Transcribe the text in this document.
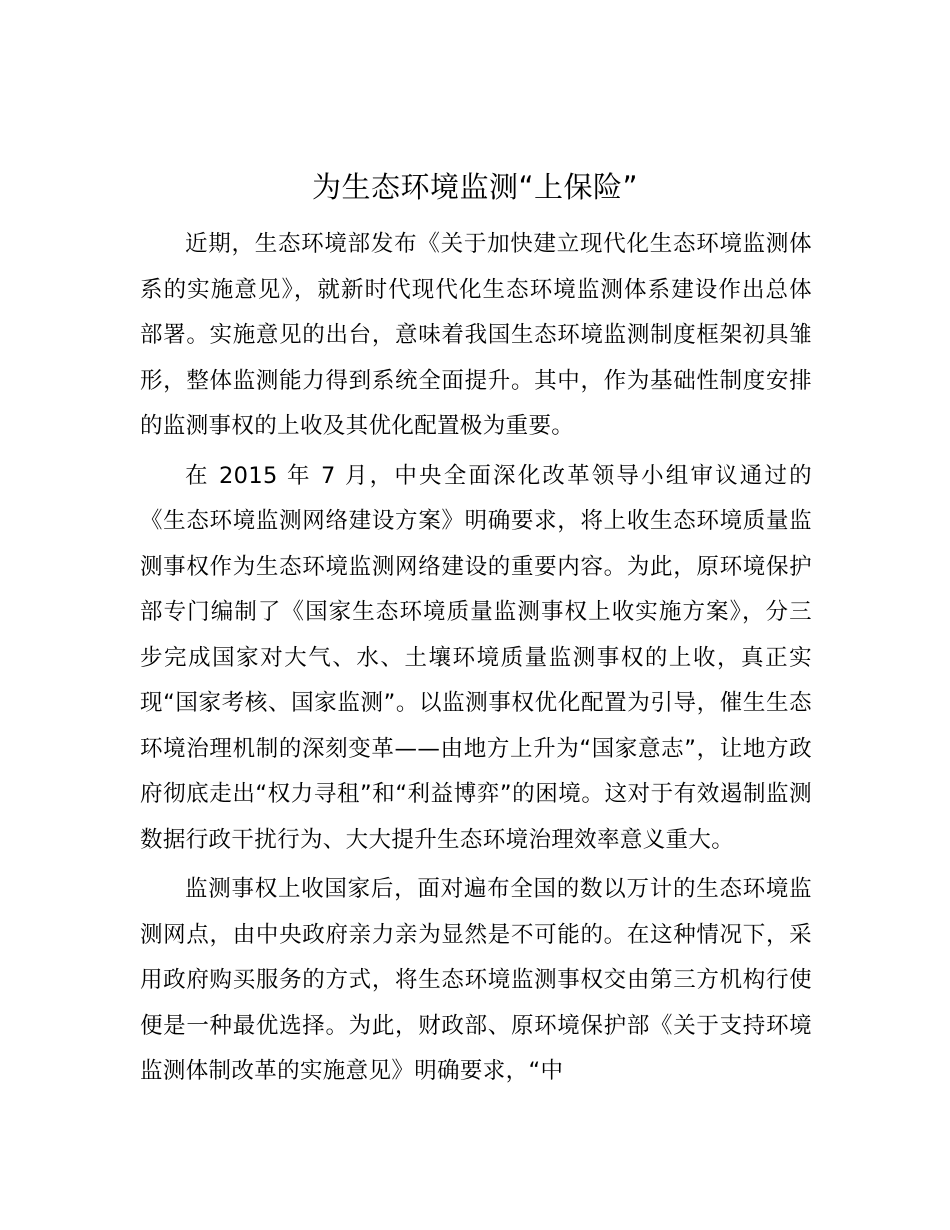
为生态环境监测“上保险”

近期，生态环境部发布《关于加快建立现代化生态环境监测体系的实施意见》，就新时代现代化生态环境监测体系建设作出总体部署。实施意见的出台，意味着我国生态环境监测制度框架初具雏形，整体监测能力得到系统全面提升。其中，作为基础性制度安排的监测事权的上收及其优化配置极为重要。

在 2015 年 7 月，中央全面深化改革领导小组审议通过的《生态环境监测网络建设方案》明确要求，将上收生态环境质量监测事权作为生态环境监测网络建设的重要内容。为此，原环境保护部专门编制了《国家生态环境质量监测事权上收实施方案》，分三步完成国家对大气、水、土壤环境质量监测事权的上收，真正实现“国家考核、国家监测”。以监测事权优化配置为引导，催生生态环境治理机制的深刻变革——由地方上升为“国家意志”，让地方政府彻底走出“权力寻租”和“利益博弈”的困境。这对于有效遏制监测数据行政干扰行为、大大提升生态环境治理效率意义重大。

监测事权上收国家后，面对遍布全国的数以万计的生态环境监测网点，由中央政府亲力亲为显然是不可能的。在这种情况下，采用政府购买服务的方式，将生态环境监测事权交由第三方机构行使便是一种最优选择。为此，财政部、原环境保护部《关于支持环境监测体制改革的实施意见》明确要求，“中
